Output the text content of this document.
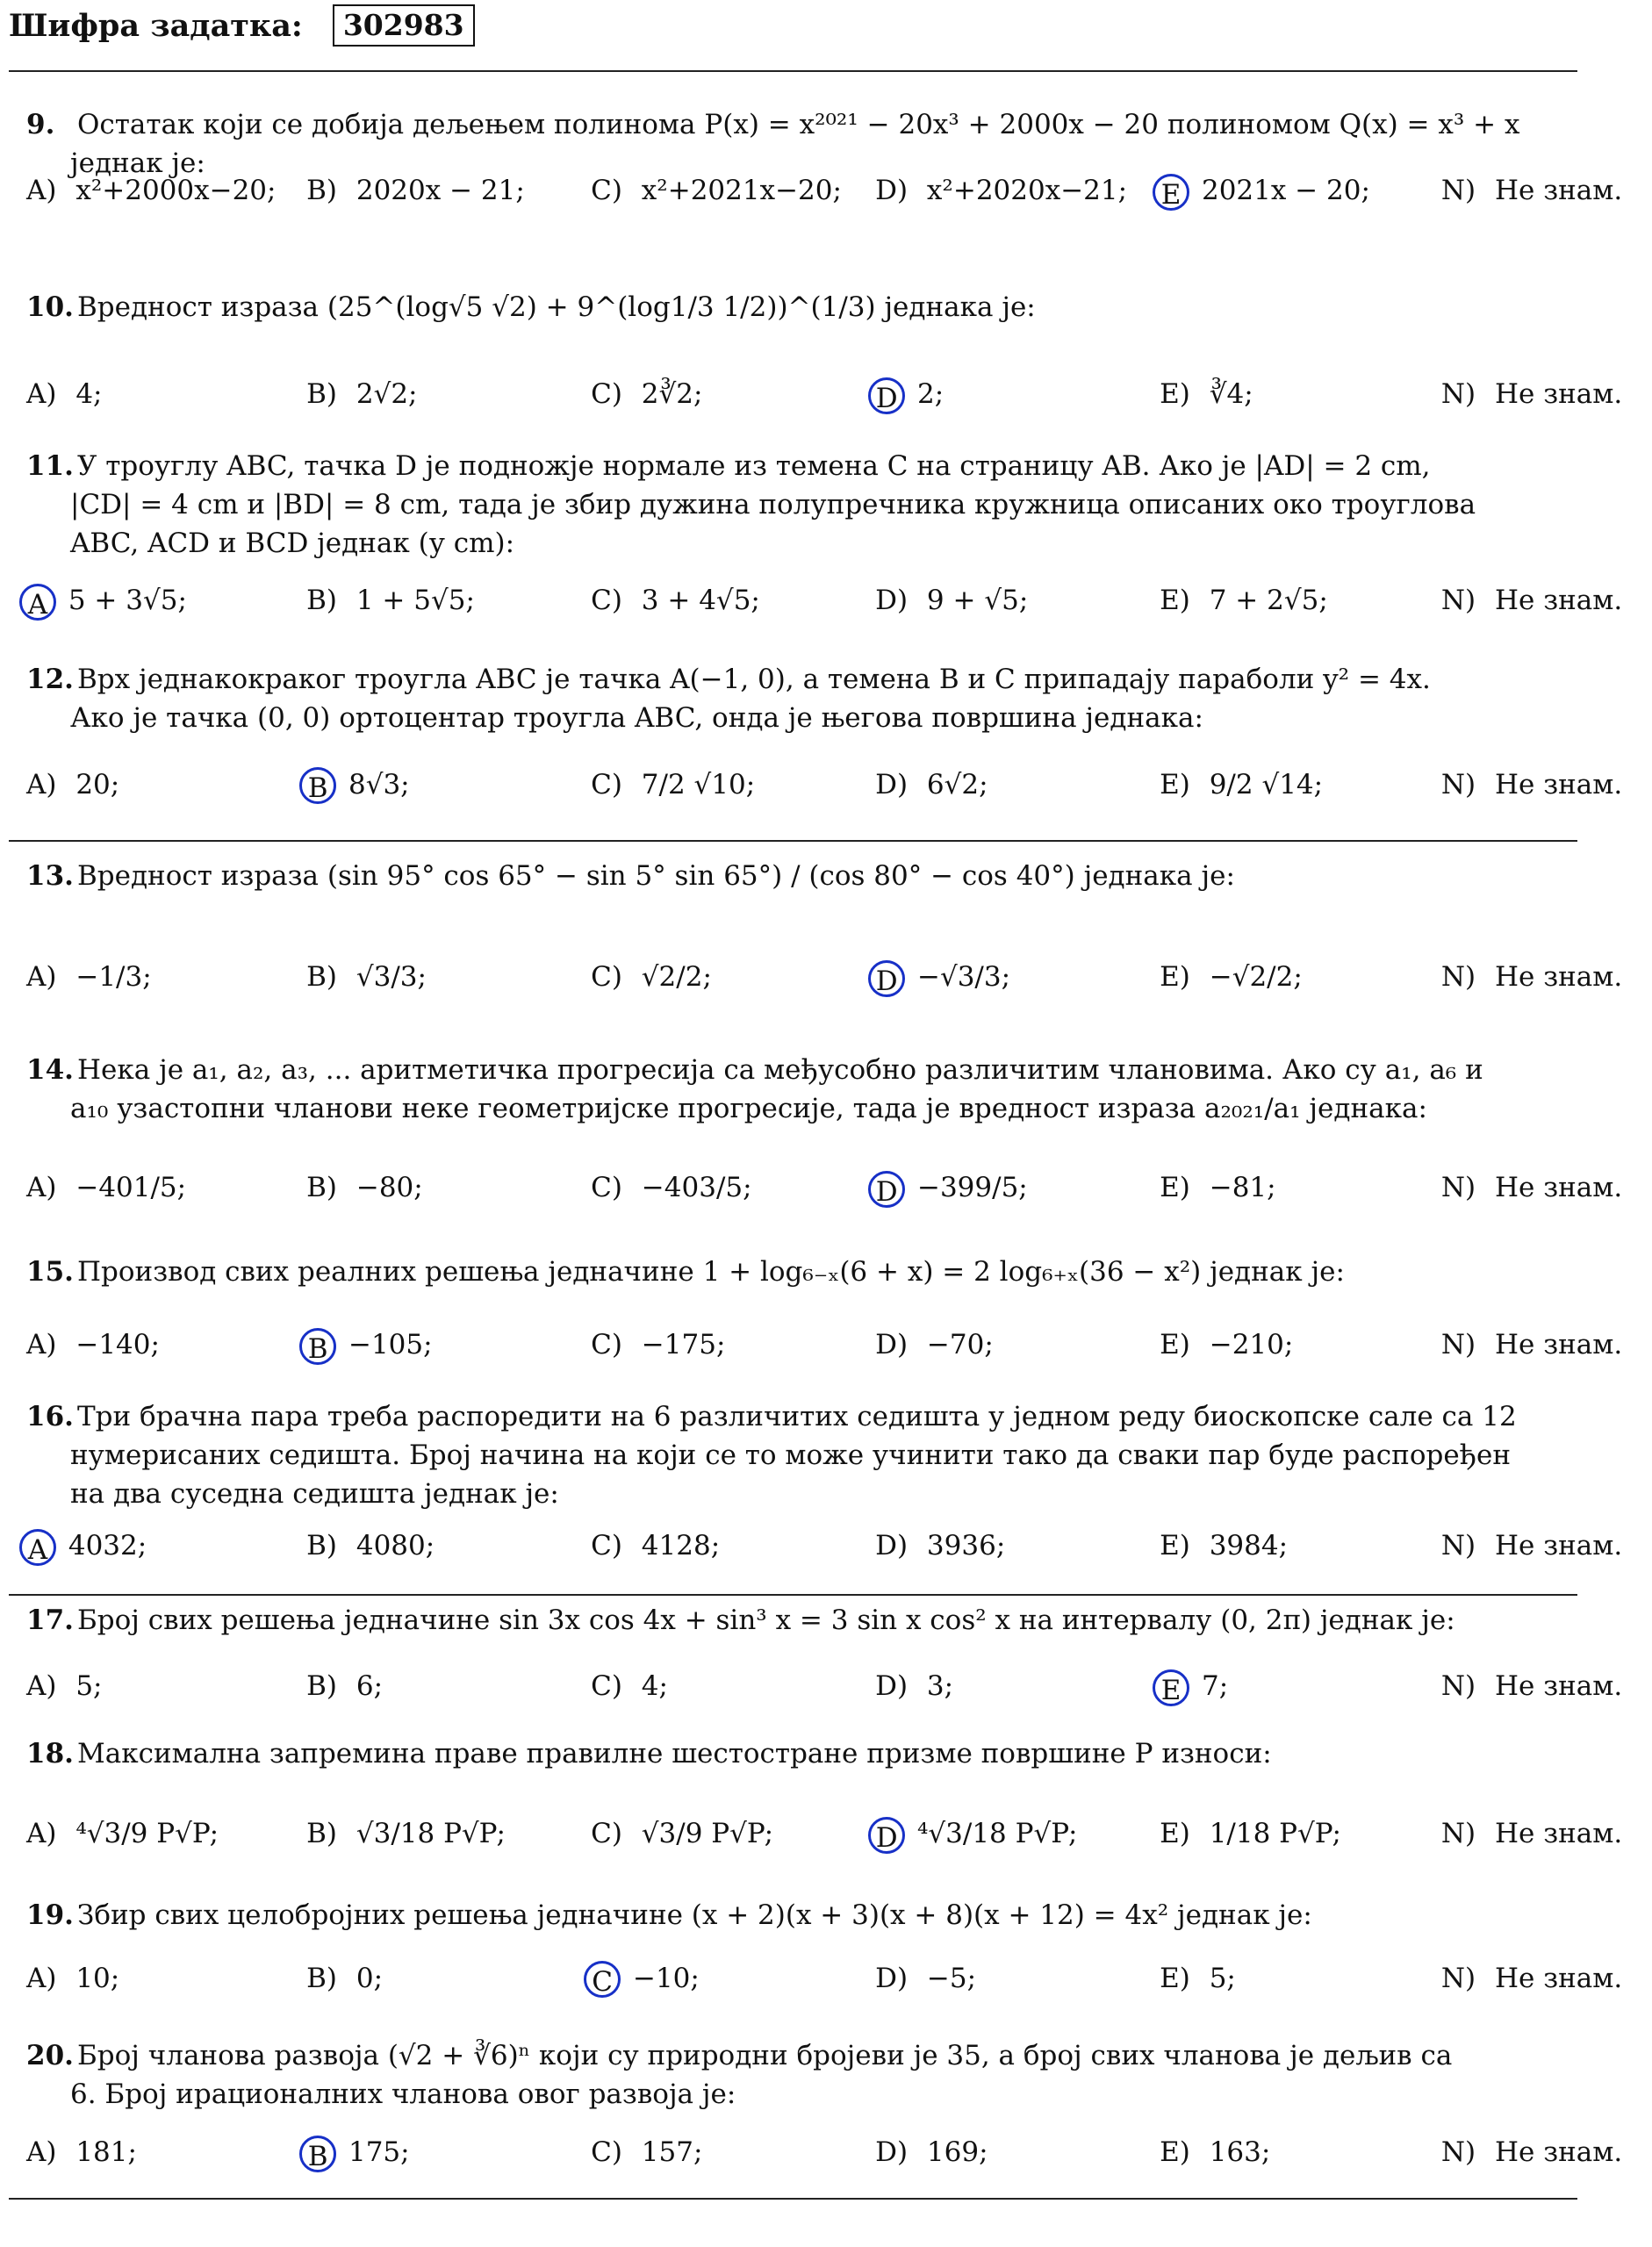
Шифра задатка:	302983
9. Остатак који се добија дељењем полинома P(x) = x²⁰²¹ − 20x³ + 2000x − 20 полиномом Q(x) = x³ + x
једнак је:
A) x²+2000x−20; B) 2020x − 21; C) x²+2021x−20; D) x²+2020x−21; E 2021x − 20;	N) Не знам.
10. Вредност израза (25^(log√5 √2) + 9^(log1/3 1/2))^(1/3) једнака је:
A) 4;	B) 2√2;	C) 2∛2;	D 2;	E) ∛4;	N) Не знам.
11. У троуглу ABC, тачка D је подножје нормале из темена C на страницу AB. Ако је |AD| = 2 cm,
|CD| = 4 cm и |BD| = 8 cm, тада је збир дужина полупречника кружница описаних око троуглова
ABC, ACD и BCD једнак (у cm):
A 5 + 3√5;	B) 1 + 5√5;	C) 3 + 4√5;	D) 9 + √5;	E) 7 + 2√5;	N) Не знам.
12. Врх једнакокраког троугла ABC је тачка A(−1, 0), а темена B и C припадају параболи y² = 4x.
Ако је тачка (0, 0) ортоцентар троугла ABC, онда је његова површина једнака:
A) 20;	B 8√3;	C) 7/2 √10;	D) 6√2;	E) 9/2 √14;	N) Не знам.
13. Вредност израза (sin 95° cos 65° − sin 5° sin 65°) / (cos 80° − cos 40°) једнака је:
A) −1/3;	B) √3/3;	C) √2/2;	D −√3/3;	E) −√2/2;	N) Не знам.
14. Нека је a₁, a₂, a₃, ... аритметичка прогресија са међусобно различитим члановима. Ако су a₁, a₆ и
a₁₀ узастопни чланови неке геометријске прогресије, тада је вредност израза a₂₀₂₁/a₁ једнака:
A) −401/5;	B) −80;	C) −403/5;	D −399/5;	E) −81;	N) Не знам.
15. Производ свих реалних решења једначине 1 + log₆₋ₓ(6 + x) = 2 log₆₊ₓ(36 − x²) једнак је:
A) −140;	B −105;	C) −175;	D) −70;	E) −210;	N) Не знам.
16. Три брачна пара треба распоредити на 6 различитих седишта у једном реду биоскопске сале са 12
нумерисаних седишта. Број начина на који се то може учинити тако да сваки пар буде распоређен
на два суседна седишта једнак је:
A 4032;	B) 4080;	C) 4128;	D) 3936;	E) 3984;	N) Не знам.
17. Број свих решења једначине sin 3x cos 4x + sin³ x = 3 sin x cos² x на интервалу (0, 2π) једнак је:
A) 5;	B) 6;	C) 4;	D) 3;	E 7;	N) Не знам.
18. Максимална запремина праве правилне шестостране призме површине P износи:
A) ⁴√3/9 P√P;	B) √3/18 P√P;	C) √3/9 P√P;	D ⁴√3/18 P√P;	E) 1/18 P√P;	N) Не знам.
19. Збир свих целобројних решења једначине (x + 2)(x + 3)(x + 8)(x + 12) = 4x² једнак је:
A) 10;	B) 0;	C −10;	D) −5;	E) 5;	N) Не знам.
20. Број чланова развоја (√2 + ∛6)ⁿ који су природни бројеви је 35, а број свих чланова је дељив са
6. Број ирационалних чланова овог развоја је:
A) 181;	B 175;	C) 157;	D) 169;	E) 163;	N) Не знам.
